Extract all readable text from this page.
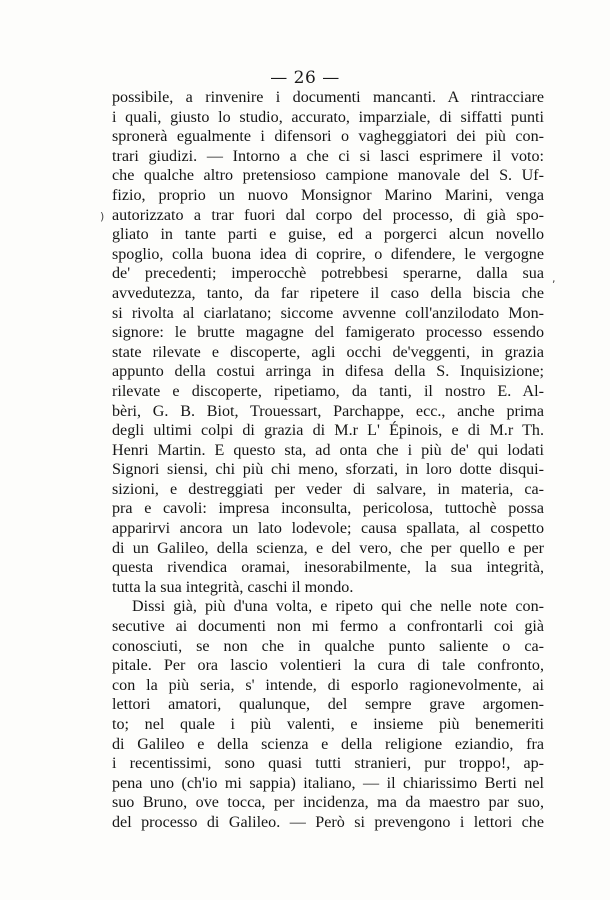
— 26 —
possibile, a rinvenire i documenti mancanti. A rintracciare
i quali, giusto lo studio, accurato, imparziale, di siffatti punti
spronerà egualmente i difensori o vagheggiatori dei più con-
trari giudizi. — Intorno a che ci si lasci esprimere il voto:
che qualche altro pretensioso campione manovale del S. Uf-
fizio, proprio un nuovo Monsignor Marino Marini, venga
autorizzato a trar fuori dal corpo del processo, di già spo-
gliato in tante parti e guise, ed a porgerci alcun novello
spoglio, colla buona idea di coprire, o difendere, le vergogne
de' precedenti; imperocchè potrebbesi sperarne, dalla sua
avvedutezza, tanto, da far ripetere il caso della biscia che
si rivolta al ciarlatano; siccome avvenne coll'anzilodato Mon-
signore: le brutte magagne del famigerato processo essendo
state rilevate e discoperte, agli occhi de'veggenti, in grazia
appunto della costui arringa in difesa della S. Inquisizione;
rilevate e discoperte, ripetiamo, da tanti, il nostro E. Al-
bèri, G. B. Biot, Trouessart, Parchappe, ecc., anche prima
degli ultimi colpi di grazia di M.r L' Épinois, e di M.r Th.
Henri Martin. E questo sta, ad onta che i più de' qui lodati
Signori siensi, chi più chi meno, sforzati, in loro dotte disqui-
sizioni, e destreggiati per veder di salvare, in materia, ca-
pra e cavoli: impresa inconsulta, pericolosa, tuttochè possa
apparirvi ancora un lato lodevole; causa spallata, al cospetto
di un Galileo, della scienza, e del vero, che per quello e per
questa rivendica oramai, inesorabilmente, la sua integrità,
tutta la sua integrità, caschi il mondo.
Dissi già, più d'una volta, e ripeto qui che nelle note con-
secutive ai documenti non mi fermo a confrontarli coi già
conosciuti, se non che in qualche punto saliente o ca-
pitale. Per ora lascio volentieri la cura di tale confronto,
con la più seria, s' intende, di esporlo ragionevolmente, ai
lettori amatori, qualunque, del sempre grave argomen-
to; nel quale i più valenti, e insieme più benemeriti
di Galileo e della scienza e della religione eziandio, fra
i recentissimi, sono quasi tutti stranieri, pur troppo!, ap-
pena uno (ch'io mi sappia) italiano, — il chiarissimo Berti nel
suo Bruno, ove tocca, per incidenza, ma da maestro par suo,
del processo di Galileo. — Però si prevengono i lettori che
)
,
